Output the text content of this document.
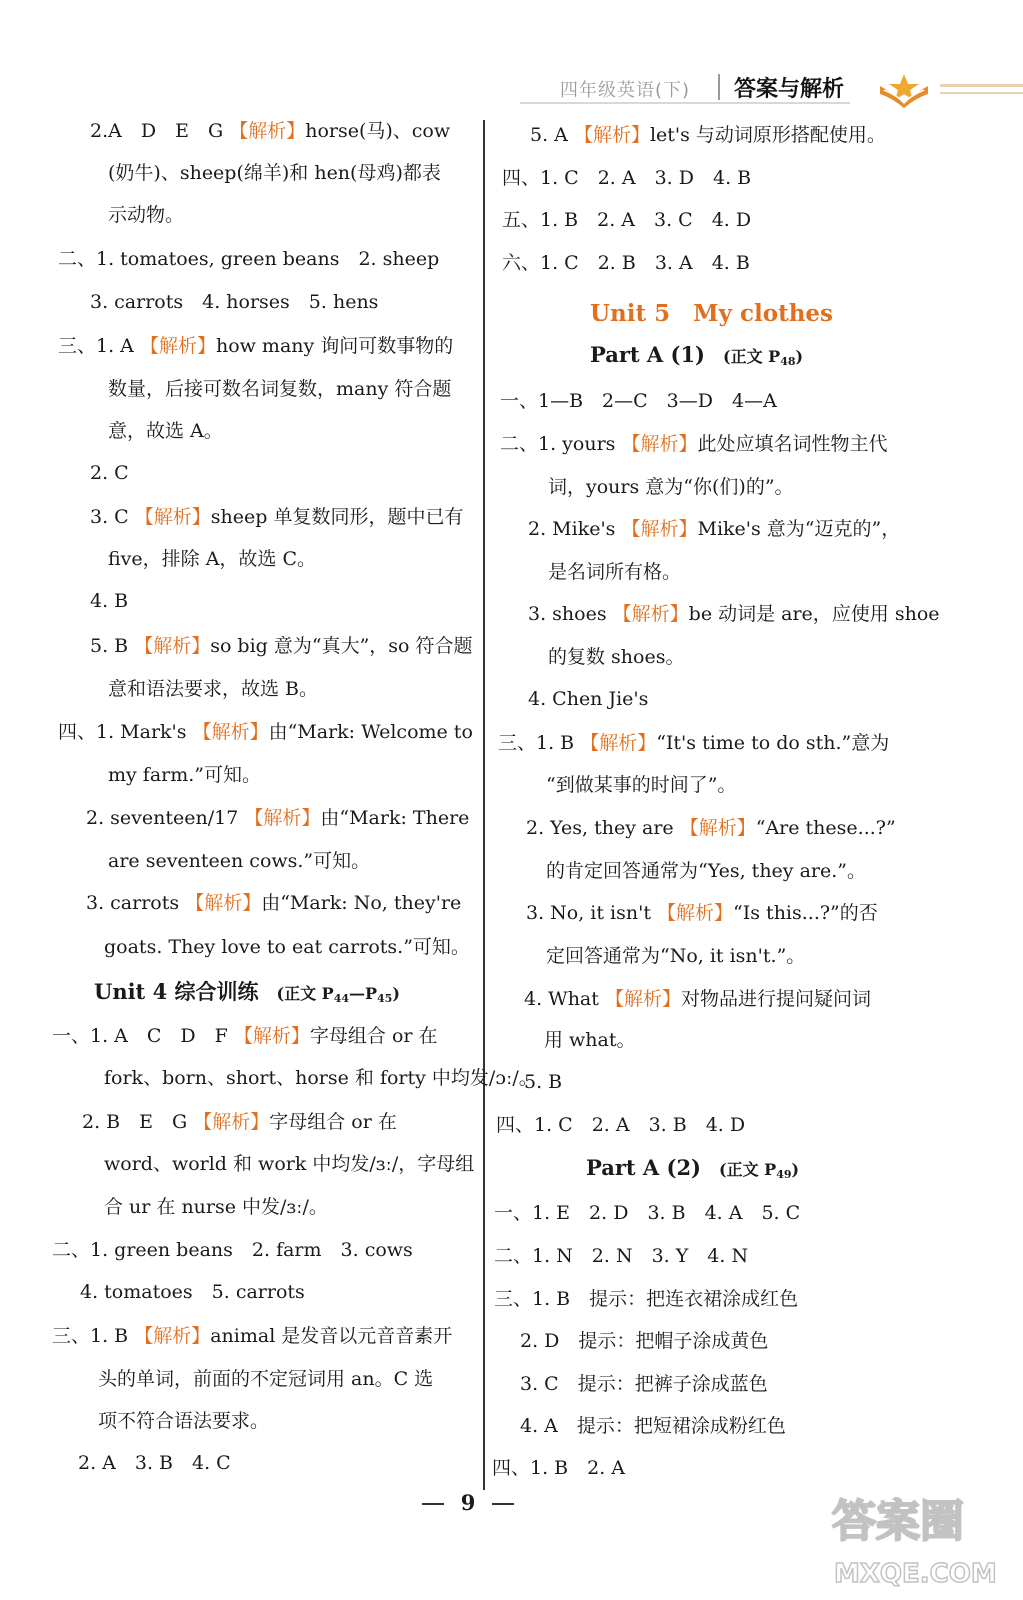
四年级英语(下) 答案与解析
2.A　D　E　G 【解析】horse(马)、cow
(奶牛)、sheep(绵羊)和 hen(母鸡)都表
示动物。
二、1. tomatoes, green beans　2. sheep
3. carrots　4. horses　5. hens
三、1. A 【解析】how many 询问可数事物的
数量，后接可数名词复数，many 符合题
意，故选 A。
2. C
3. C 【解析】sheep 单复数同形，题中已有
five，排除 A，故选 C。
4. B
5. B 【解析】so big 意为“真大”，so 符合题
意和语法要求，故选 B。
四、1. Mark's 【解析】由“Mark: Welcome to
my farm.”可知。
2. seventeen/17 【解析】由“Mark: There
are seventeen cows.”可知。
3. carrots 【解析】由“Mark: No, they're
goats. They love to eat carrots.”可知。
Unit 4 综合训练 (正文 $P_{44}—P_{45}$)
一、1. A　C　D　F 【解析】字母组合 or 在
fork、born、short、horse 和 forty 中均发/ɔː/。
2. B　E　G 【解析】字母组合 or 在
word、world 和 work 中均发/ɜː/，字母组
合 ur 在 nurse 中发/ɜː/。
二、1. green beans　2. farm　3. cows
4. tomatoes　5. carrots
三、1. B 【解析】animal 是发音以元音音素开
头的单词，前面的不定冠词用 an。C 选
项不符合语法要求。
2. A　3. B　4. C
5. A 【解析】let's 与动词原形搭配使用。
四、1. C　2. A　3. D　4. B
五、1. B　2. A　3. C　4. D
六、1. C　2. B　3. A　4. B
Unit 5　My clothes
Part A (1) (正文 $P_{48}$)
一、1—B　2—C　3—D　4—A
二、1. yours 【解析】此处应填名词性物主代
词，yours 意为“你(们)的”。
2. Mike's 【解析】Mike's 意为“迈克的”，
是名词所有格。
3. shoes 【解析】be 动词是 are，应使用 shoe
的复数 shoes。
4. Chen Jie's
三、1. B 【解析】“It's time to do sth.”意为
“到做某事的时间了”。
2. Yes, they are 【解析】“Are these...?”
的肯定回答通常为“Yes, they are.”。
3. No, it isn't 【解析】“Is this...?”的否
定回答通常为“No, it isn't.”。
4. What 【解析】对物品进行提问疑问词
用 what。
5. B
四、1. C　2. A　3. B　4. D
Part A (2) (正文 $P_{49}$)
一、1. E　2. D　3. B　4. A　5. C
二、1. N　2. N　3. Y　4. N
三、1. B　提示：把连衣裙涂成红色
2. D　提示：把帽子涂成黄色
3. C　提示：把裤子涂成蓝色
4. A　提示：把短裙涂成粉红色
四、1. B　2. A
9	答案圈
MXQE.COM
